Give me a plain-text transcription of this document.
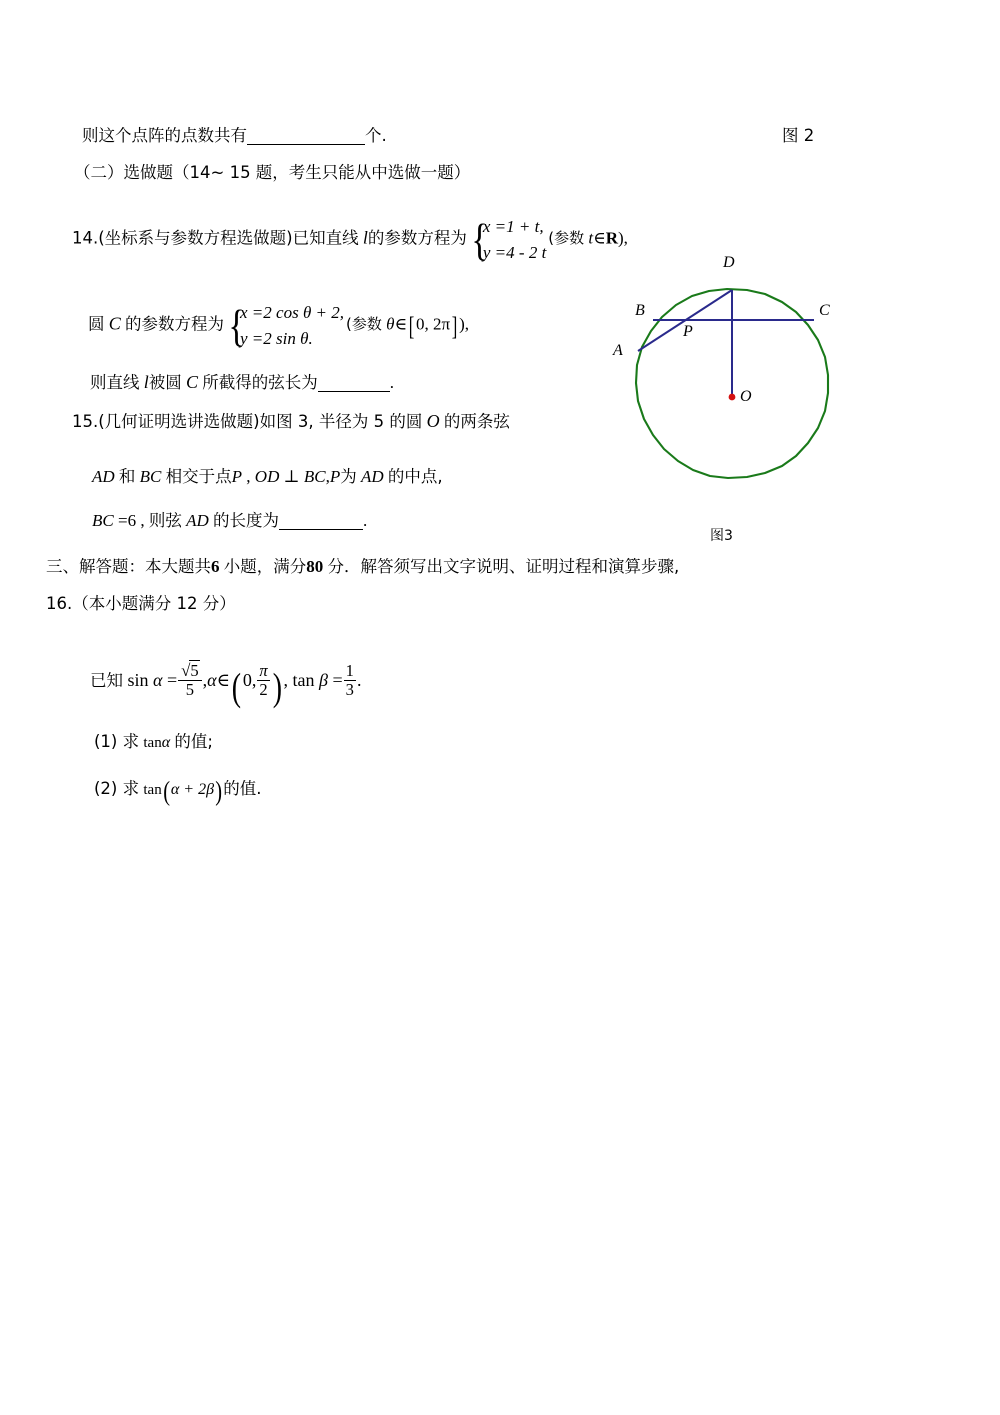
图 2
则这个点阵的点数共有	个.
（二）选做题（14~ 15 题，考生只能从中选做一题）
14.(坐标系与参数方程选做题)已知直线 l的参数方程为 {
x =1 + t,
y =4 - 2 t
(参数 t∈R),
圆 C 的参数方程为 {
x =2 cos θ + 2,
y =2 sin θ.
(参数 θ∈[ 0, 2π] ),
则直线 l被圆 C 所截得的弦长为	.
15.(几何证明选讲选做题)如图 3, 半径为 5 的圆 O 的两条弦
AD 和 BC 相交于点P , OD ⊥ BC,P为 AD 的中点,
BC =6 , 则弦 AD 的长度为	.
D
B	C
A
P
O
图3
三、解答题：本大题共6 小题，满分80 分．解答须写出文字说明、证明过程和演算步骤,
16.（本小题满分 12 分）
已知 $\sin \alpha = \frac{√5}{5}$ ,α∈( 0, $\frac{\pi}{2}$ ) , $\tan \beta = \frac{1}{3}$ .
(1) 求 tanα 的值;
(2) 求 tan(α + 2β)的值.
